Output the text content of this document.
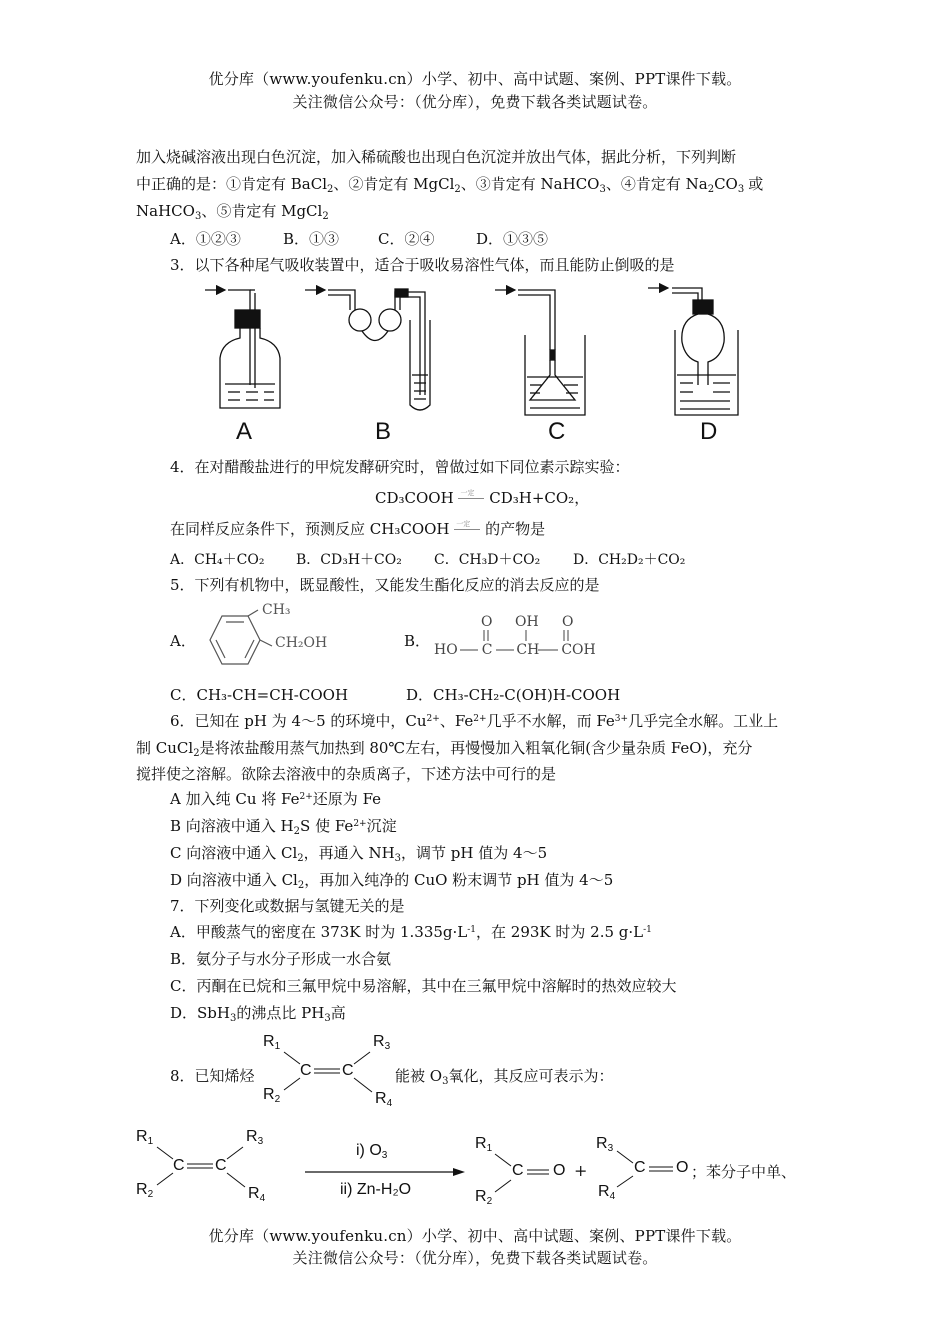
优分库（www.youfenku.cn）小学、初中、高中试题、案例、PPT课件下载。
关注微信公众号：（优分库），免费下载各类试题试卷。
加入烧碱溶液出现白色沉淀，加入稀硫酸也出现白色沉淀并放出气体，据此分析，下列判断
中正确的是：①肯定有 BaCl$_2$、②肯定有 MgCl$_2$、③肯定有 NaHCO$_3$、④肯定有 $Na_2CO_3$ 或
NaHCO$_3$、⑤肯定有 MgCl$_2$
A．①②③	B．①③	C．②④	D．①③⑤
3．以下各种尾气吸收装置中，适合于吸收易溶性气体，而且能防止倒吸的是
A	B	C	D
4．在对醋酸盐进行的甲烷发酵研究时，曾做过如下同位素示踪实验：
CD₃COOH 一定 CD₃H+CO₂，
在同样反应条件下，预测反应 CH₃COOH 一定 的产物是
A．CH₄＋CO₂ B．CD₃H＋CO₂ C．CH₃D＋CO₂ D．CH₂D₂＋CO₂
5．下列有机物中，既显酸性，又能发生酯化反应的消去反应的是
A．
CH₃
CH₂OH	B．
O OH O
HO C CH COH
C．CH₃-CH=CH-COOH	D．CH₃-CH₂-C(OH)H-COOH
6．已知在 pH 为 4～5 的环境中，$Cu^{2+}$、$Fe^{2+}$几乎不水解，而 $Fe^{3+}$几乎完全水解。工业上
制 CuCl$_2$是将浓盐酸用蒸气加热到 80℃左右，再慢慢加入粗氧化铜(含少量杂质 FeO)，充分
搅拌使之溶解。欲除去溶液中的杂质离子，下述方法中可行的是
A 加入纯 Cu 将 $Fe^{2+}$还原为 Fe
B 向溶液中通入 $H_2S$ 使 $Fe^{2+}$沉淀
C 向溶液中通入 $Cl_2$，再通入 $NH_3$，调节 pH 值为 4～5
D 向溶液中通入 $Cl_2$，再加入纯净的 CuO 粉末调节 pH 值为 4～5
7．下列变化或数据与氢键无关的是
A．甲酸蒸气的密度在 373K 时为 $1.335g\cdot L^{-1}$，在 293K 时为 2.5 $g\cdot L^{-1}$
B．氨分子与水分子形成一水合氨
C．丙酮在已烷和三氟甲烷中易溶解，其中在三氟甲烷中溶解时的热效应较大
D．SbH$_3$的沸点比 $PH_3$高
8．已知烯烃
$R_1$	$R_3$
$R_2$	$R_4$
C C	能被 $O_3$氧化，其反应可表示为：
$R_1$	$R_3$
$R_2$	$R_4$
C C
i) $O_3$
ii) Zn-H₂O
$R_1$
$R_2$
C O +
$R_3$
$R_4$
C O ；苯分子中单、
优分库（www.youfenku.cn）小学、初中、高中试题、案例、PPT课件下载。
关注微信公众号：（优分库），免费下载各类试题试卷。
